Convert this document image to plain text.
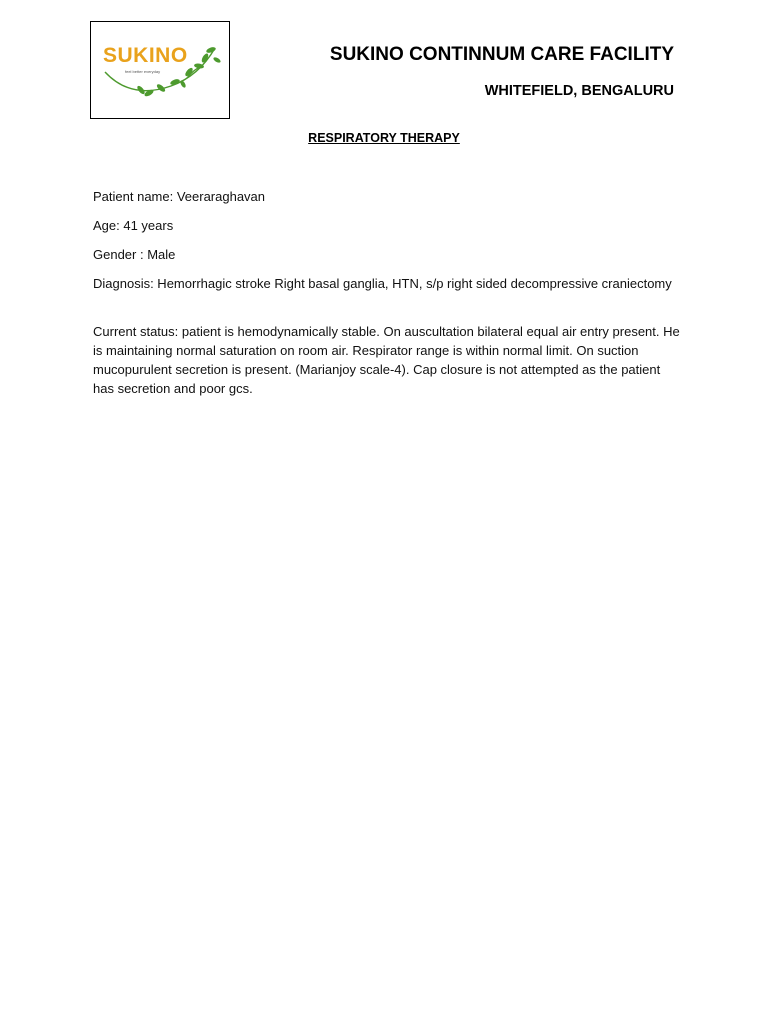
SUKINO
feel better everyday
SUKINO CONTINNUM CARE FACILITY
WHITEFIELD, BENGALURU
RESPIRATORY THERAPY
Patient name: Veeraraghavan
Age: 41 years
Gender : Male
Diagnosis: Hemorrhagic stroke Right basal ganglia, HTN, s/p right sided decompressive craniectomy
Current status: patient is hemodynamically stable. On auscultation bilateral equal air entry present. He is maintaining normal saturation on room air. Respirator range is within normal limit. On suction mucopurulent secretion is present. (Marianjoy scale-4). Cap closure is not attempted as the patient has secretion and poor gcs.
